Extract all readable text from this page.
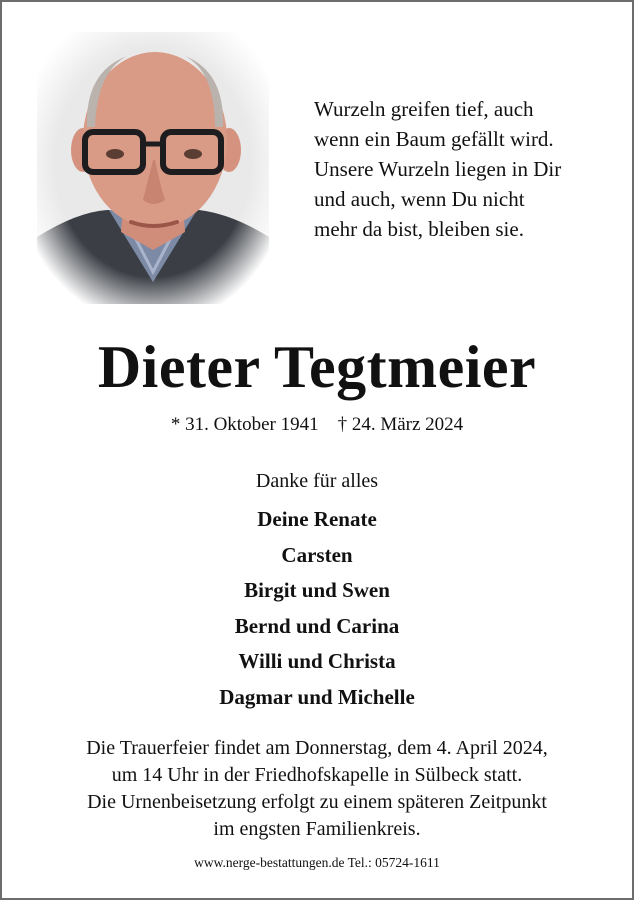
Wurzeln greifen tief, auch
wenn ein Baum gefällt wird.
Unsere Wurzeln liegen in Dir
und auch, wenn Du nicht
mehr da bist, bleiben sie.
Dieter Tegtmeier
* 31. Oktober 1941 † 24. März 2024
Danke für alles
Deine Renate
Carsten
Birgit und Swen
Bernd und Carina
Willi und Christa
Dagmar und Michelle
Die Trauerfeier findet am Donnerstag, dem 4. April 2024,
um 14 Uhr in der Friedhofskapelle in Sülbeck statt.
Die Urnenbeisetzung erfolgt zu einem späteren Zeitpunkt
im engsten Familienkreis.
www.nerge-bestattungen.de Tel.: 05724-1611
